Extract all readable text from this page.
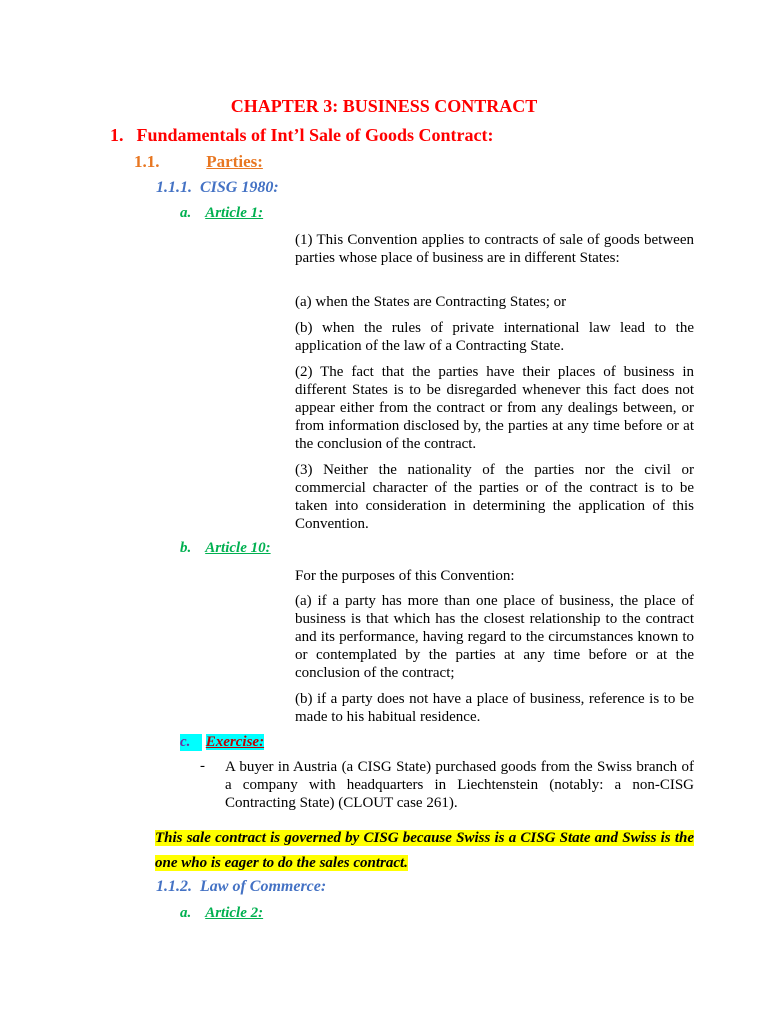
CHAPTER 3: BUSINESS CONTRACT
1. Fundamentals of Int’l Sale of Goods Contract:
1.1.	Parties:
1.1.1. CISG 1980:
a. Article 1:
(1) This Convention applies to contracts of sale of goods between parties whose place of business are in different States:
(a) when the States are Contracting States; or
(b) when the rules of private international law lead to the application of the law of a Contracting State.
(2) The fact that the parties have their places of business in different States is to be disregarded whenever this fact does not appear either from the contract or from any dealings between, or from information disclosed by, the parties at any time before or at the conclusion of the contract.
(3) Neither the nationality of the parties nor the civil or commercial character of the parties or of the contract is to be taken into consideration in determining the application of this Convention.
b. Article 10:
For the purposes of this Convention:
(a) if a party has more than one place of business, the place of business is that which has the closest relationship to the contract and its performance, having regard to the circumstances known to or contemplated by the parties at any time before or at the conclusion of the contract;
(b) if a party does not have a place of business, reference is to be made to his habitual residence.
c. Exercise:
- A buyer in Austria (a CISG State) purchased goods from the Swiss branch of a company with headquarters in Liechtenstein (notably: a non-CISG Contracting State) (CLOUT case 261).
This sale contract is governed by CISG because Swiss is a CISG State and Swiss is the one who is eager to do the sales contract.
1.1.2. Law of Commerce:
a. Article 2:
